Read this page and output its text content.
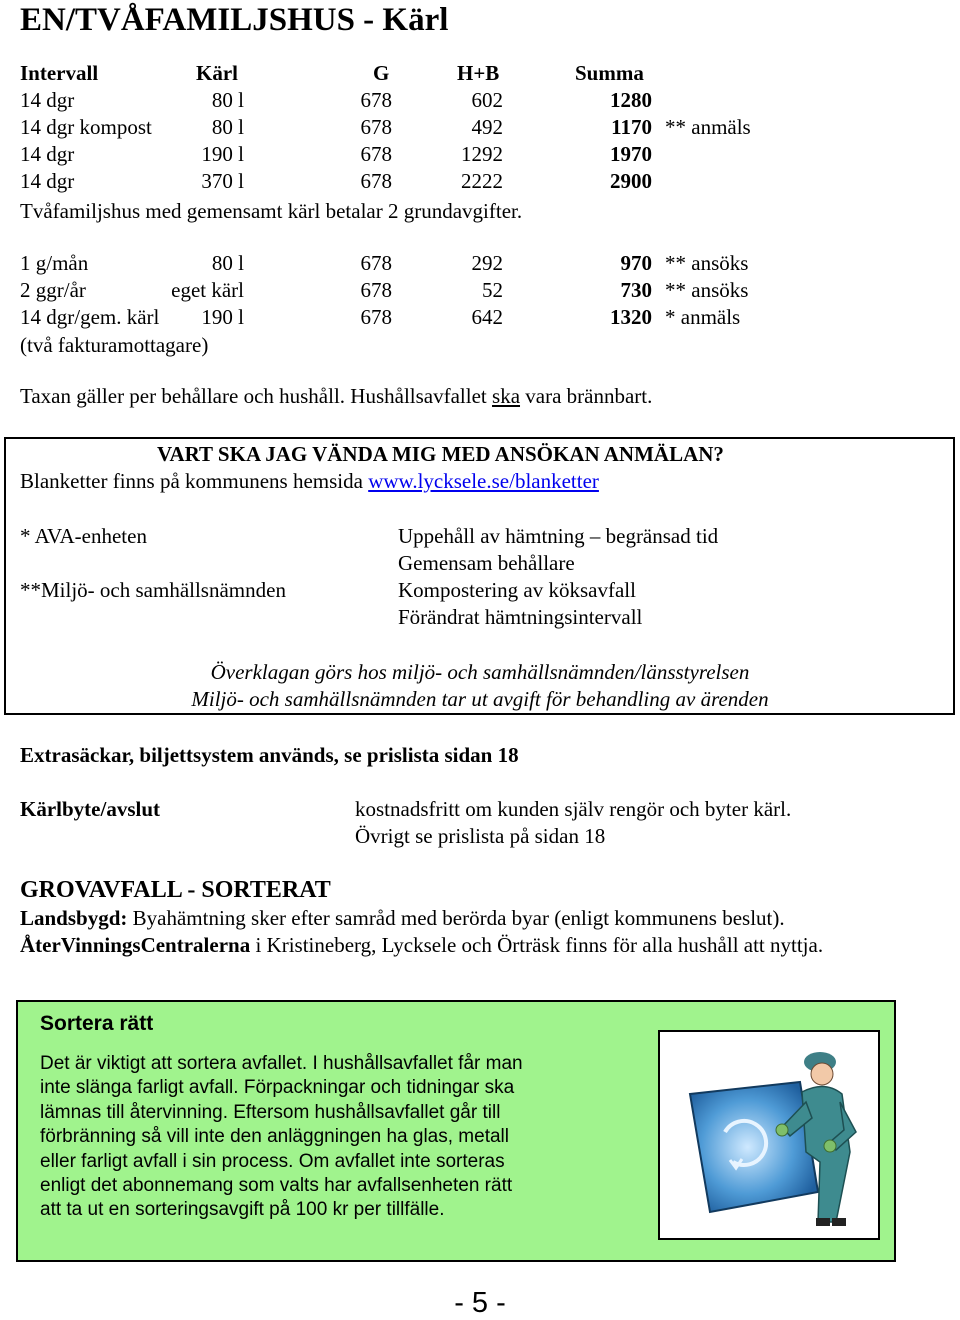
EN/TVÅFAMILJSHUS - Kärl
Intervall	Kärl	G	H+B	Summa
14 dgr	80 l	678	602	1280
14 dgr kompost	80 l	678	492	1170 ** anmäls
14 dgr	190 l	678	1292	1970
14 dgr	370 l	678	2222	2900
Tvåfamiljshus med gemensamt kärl betalar 2 grundavgifter.
1 g/mån	80 l	678	292	970 ** ansöks
2 ggr/år	eget kärl	678	52	730 ** ansöks
14 dgr/gem. kärl 190 l	678	642	1320 * anmäls
(två fakturamottagare)
Taxan gäller per behållare och hushåll. Hushållsavfallet ska vara brännbart.
VART SKA JAG VÄNDA MIG MED ANSÖKAN ANMÄLAN?
Blanketter finns på kommunens hemsida www.lycksele.se/blanketter
* AVA-enheten
**Miljö- och samhällsnämnden
Uppehåll av hämtning – begränsad tid
Gemensam behållare
Kompostering av köksavfall
Förändrat hämtningsintervall
Överklagan görs hos miljö- och samhällsnämnden/länsstyrelsen
Miljö- och samhällsnämnden tar ut avgift för behandling av ärenden
Extrasäckar, biljettsystem används, se prislista sidan 18
Kärlbyte/avslut	kostnadsfritt om kunden själv rengör och byter kärl.
Övrigt se prislista på sidan 18
GROVAVFALL - SORTERAT
Landsbygd: Byahämtning sker efter samråd med berörda byar (enligt kommunens beslut).
ÅterVinningsCentralerna i Kristineberg, Lycksele och Örträsk finns för alla hushåll att nyttja.
Sortera rätt
Det är viktigt att sortera avfallet. I hushållsavfallet får man
inte slänga farligt avfall. Förpackningar och tidningar ska
lämnas till återvinning. Eftersom hushållsavfallet går till
förbränning så vill inte den anläggningen ha glas, metall
eller farligt avfall i sin process. Om avfallet inte sorteras
enligt det abonnemang som valts har avfallsenheten rätt
att ta ut en sorteringsavgift på 100 kr per tillfälle.
- 5 -
